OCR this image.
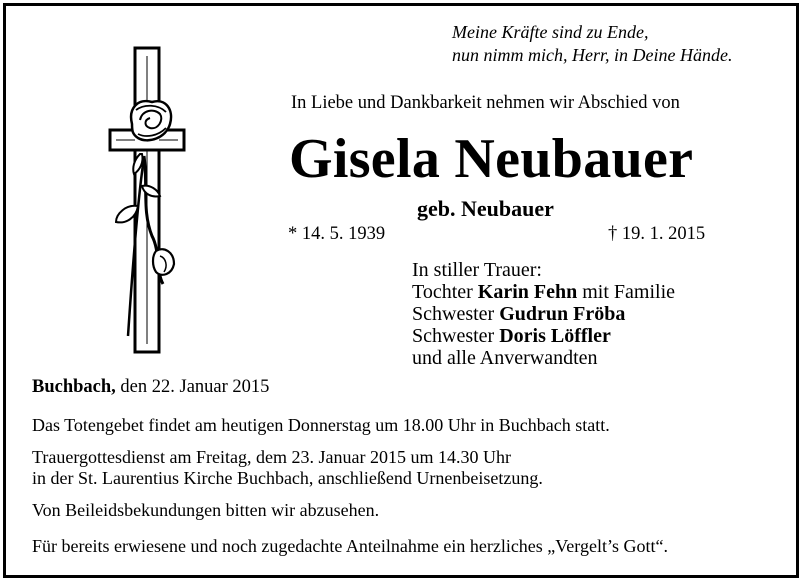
Meine Kräfte sind zu Ende,
nun nimm mich, Herr, in Deine Hände.
In Liebe und Dankbarkeit nehmen wir Abschied von
Gisela Neubauer
geb. Neubauer
* 14. 5. 1939	† 19. 1. 2015
In stiller Trauer:
Tochter Karin Fehn mit Familie
Schwester Gudrun Fröba
Schwester Doris Löffler
und alle Anverwandten
Buchbach, den 22. Januar 2015
Das Totengebet findet am heutigen Donnerstag um 18.00 Uhr in Buchbach statt.
Trauergottesdienst am Freitag, dem 23. Januar 2015 um 14.30 Uhr
in der St. Laurentius Kirche Buchbach, anschließend Urnenbeisetzung.
Von Beileidsbekundungen bitten wir abzusehen.
Für bereits erwiesene und noch zugedachte Anteilnahme ein herzliches „Vergelt’s Gott“.
